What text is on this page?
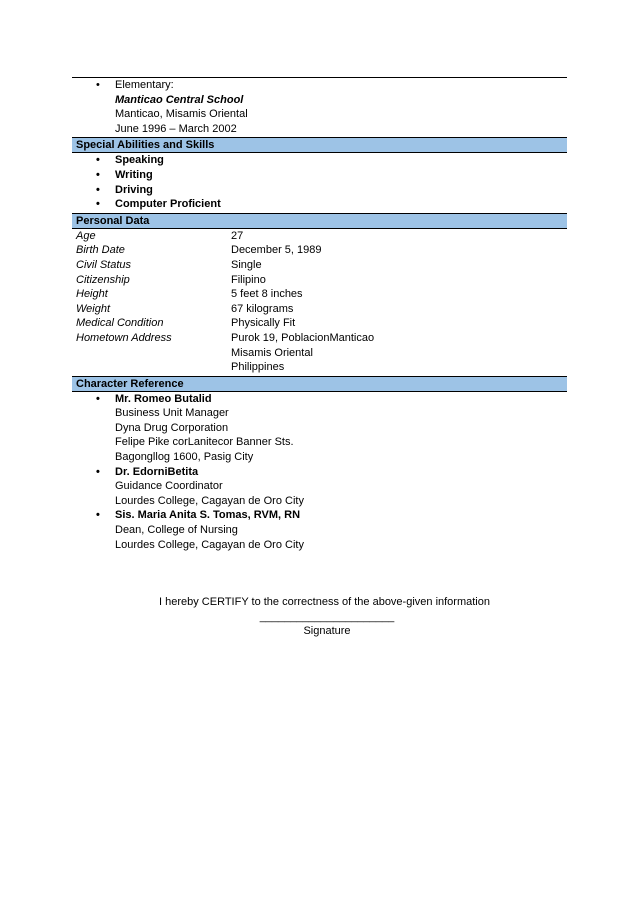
• Elementary:
Manticao Central School
Manticao, Misamis Oriental
June 1996 – March 2002
Special Abilities and Skills
• Speaking
• Writing
• Driving
• Computer Proficient
Personal Data
Age	27
Birth Date	December 5, 1989
Civil Status	Single
Citizenship	Filipino
Height	5 feet 8 inches
Weight	67 kilograms
Medical Condition	Physically Fit
Hometown Address	Purok 19, PoblacionManticao
Misamis Oriental
Philippines
Character Reference
• Mr. Romeo Butalid
Business Unit Manager
Dyna Drug Corporation
Felipe Pike corLanitecor Banner Sts.
Bagongllog 1600, Pasig City
• Dr. EdorniBetita
Guidance Coordinator
Lourdes College, Cagayan de Oro City
• Sis. Maria Anita S. Tomas, RVM, RN
Dean, College of Nursing
Lourdes College, Cagayan de Oro City
I hereby CERTIFY to the correctness of the above-given information
______________________
Signature
